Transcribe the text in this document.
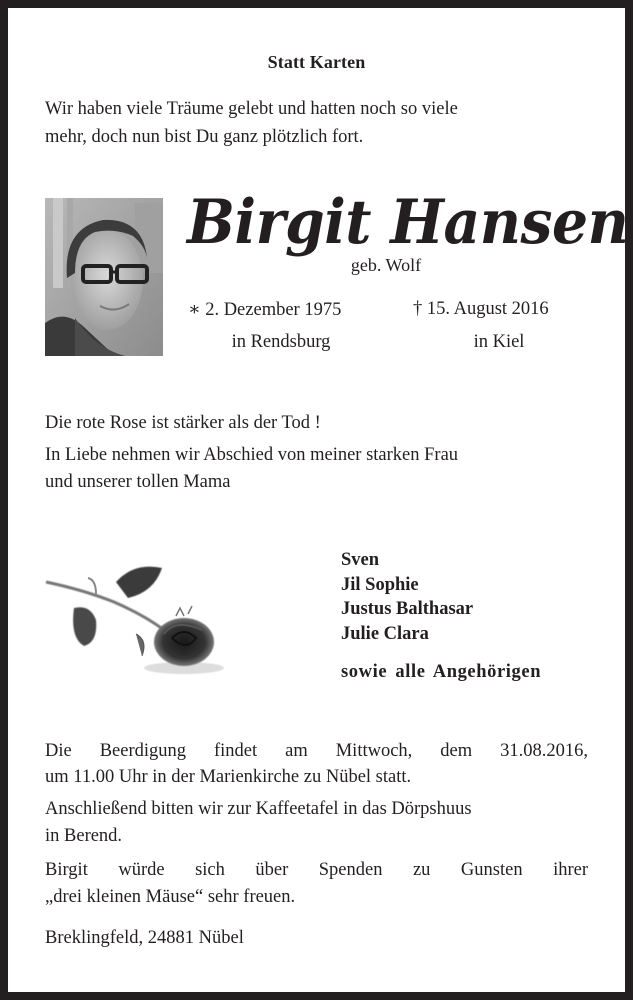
Statt Karten
Wir haben viele Träume gelebt und hatten noch so viele
mehr, doch nun bist Du ganz plötzlich fort.
Birgit Hansen
geb. Wolf
∗ 2. Dezember 1975
in Rendsburg
† 15. August 2016
in Kiel
Die rote Rose ist stärker als der Tod !
In Liebe nehmen wir Abschied von meiner starken Frau
und unserer tollen Mama
Sven
Jil Sophie
Justus Balthasar
Julie Clara
sowie alle Angehörigen
Die Beerdigung findet am Mittwoch, dem 31.08.2016,
um 11.00 Uhr in der Marienkirche zu Nübel statt.
Anschließend bitten wir zur Kaffeetafel in das Dörpshuus
in Berend.
Birgit würde sich über Spenden zu Gunsten ihrer
„drei kleinen Mäuse“ sehr freuen.
Breklingfeld, 24881 Nübel
